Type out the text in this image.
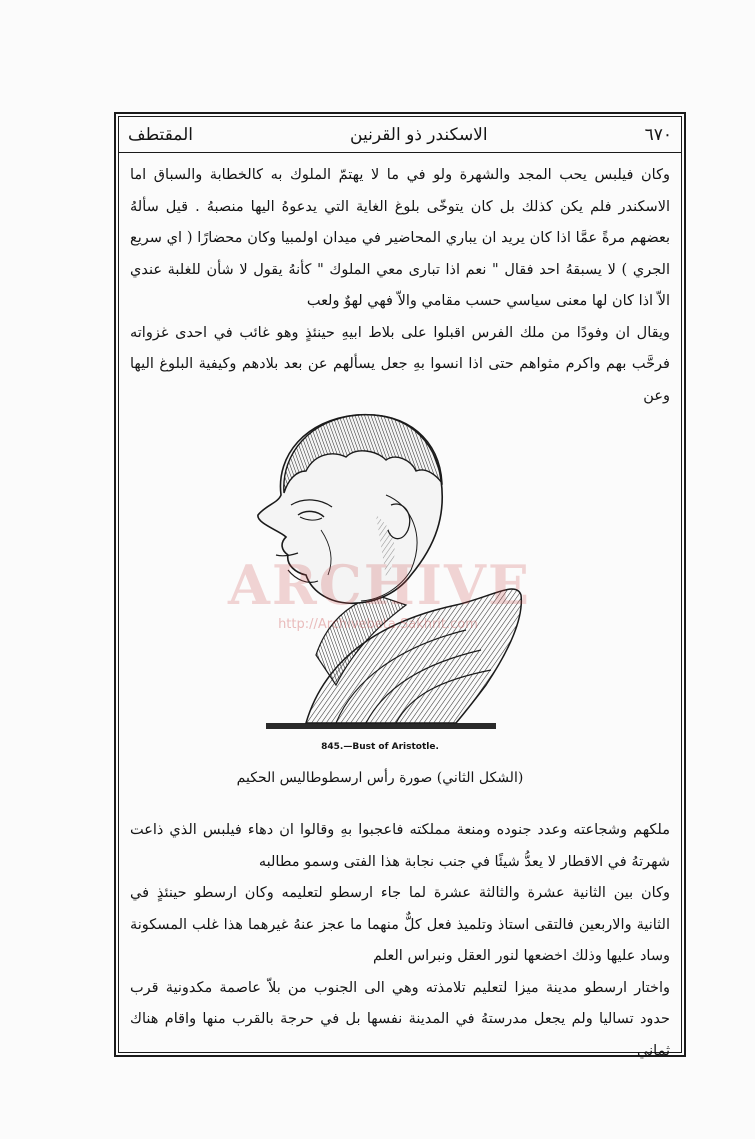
٦٧٠
الاسكندر ذو القرنين
المقتطف

وكان فيلبس يحب المجد والشهرة ولو في ما لا يهتمّ الملوك به كالخطابة والسباق اما

الاسكندر فلم يكن كذلك بل كان يتوخّى بلوغ الغاية التي يدعوهُ اليها منصبهُ . قيل سألهُ

بعضهم مرةً عمَّا اذا كان يريد ان يباري المحاضير في ميدان اولمبيا وكان محضارًا ( اي سريع

الجري ) لا يسبقهُ احد فقال " نعم اذا تبارى معي الملوك " كأنهُ يقول لا شأن للغلبة عندي

الاّ اذا كان لها معنى سياسي حسب مقامي والاّ فهي لهوٌ ولعب

ويقال ان وفودًا من ملك الفرس اقبلوا على بلاط ابيهِ حينئذٍ وهو غائب في احدى غزواته

فرحَّب بهم واكرم مثواهم حتى اذا انسوا بهِ جعل يسألهم عن بعد بلادهم وكيفية البلوغ اليها وعن

ARCHIVE
http://Archivebeta.Sakhrit.com
845.—Bust of Aristotle.
(الشكل الثاني) صورة رأس ارسطوطاليس الحكيم

ملكهم وشجاعته وعدد جنوده ومنعة مملكته فاعجبوا بهِ وقالوا ان دهاء فيلبس الذي ذاعت

شهرتهُ في الاقطار لا يعدُّ شيئًا في جنب نجابة هذا الفتى وسمو مطالبه

وكان بين الثانية عشرة والثالثة عشرة لما جاء ارسطو لتعليمه وكان ارسطو حينئذٍ في

الثانية والاربعين فالتقى استاذ وتلميذ فعل كلٌّ منهما ما عجز عنهُ غيرهما هذا غلب المسكونة

وساد عليها وذلك اخضعها لنور العقل ونبراس العلم

واختار ارسطو مدينة ميزا لتعليم تلامذته وهي الى الجنوب من بلاّ عاصمة مكدونية قرب

حدود تساليا ولم يجعل مدرستهُ في المدينة نفسها بل في حرجة بالقرب منها واقام هناك ثماني
